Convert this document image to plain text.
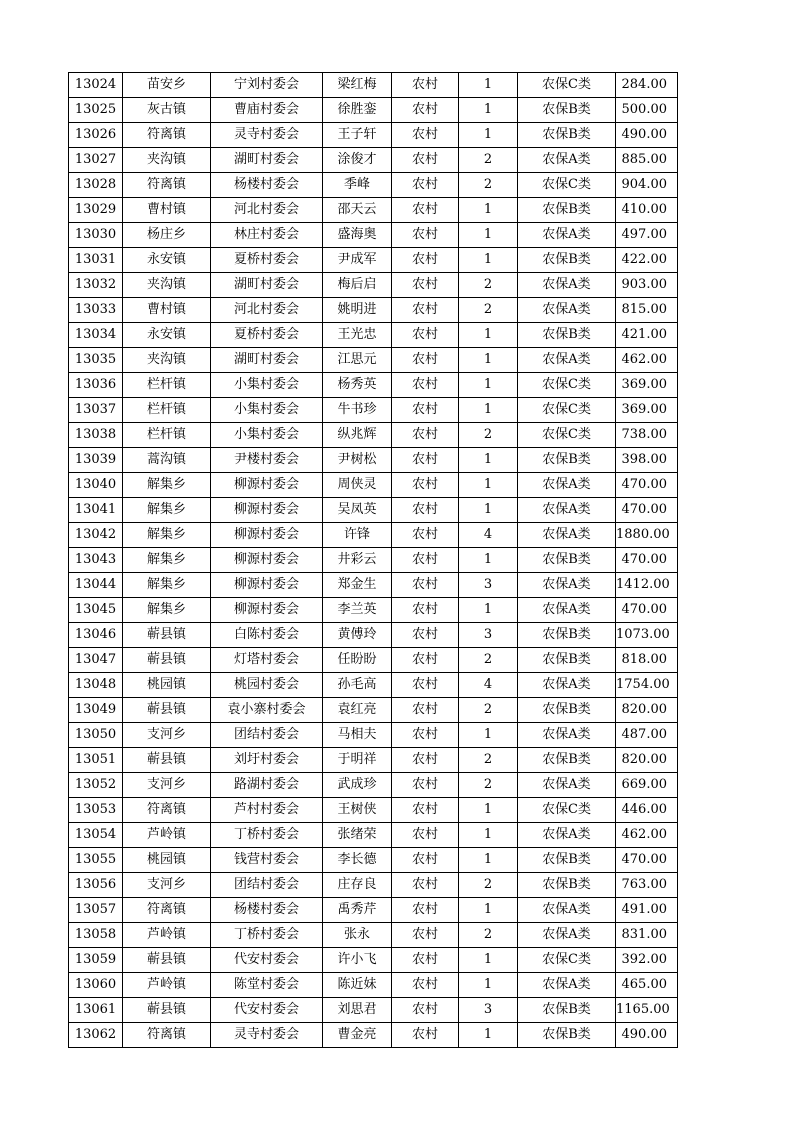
13024	苗安乡	宁刘村委会	梁红梅	农村	1	农保C类	284.00
13025	灰古镇	曹庙村委会	徐胜銮	农村	1	农保B类	500.00
13026	符离镇	灵寺村委会	王子轩	农村	1	农保B类	490.00
13027	夹沟镇	湖町村委会	涂俊才	农村	2	农保A类	885.00
13028	符离镇	杨楼村委会	季峰	农村	2	农保C类	904.00
13029	曹村镇	河北村委会	邵天云	农村	1	农保B类	410.00
13030	杨庄乡	林庄村委会	盛海奥	农村	1	农保A类	497.00
13031	永安镇	夏桥村委会	尹成军	农村	1	农保B类	422.00
13032	夹沟镇	湖町村委会	梅后启	农村	2	农保A类	903.00
13033	曹村镇	河北村委会	姚明进	农村	2	农保A类	815.00
13034	永安镇	夏桥村委会	王光忠	农村	1	农保B类	421.00
13035	夹沟镇	湖町村委会	江思元	农村	1	农保A类	462.00
13036	栏杆镇	小集村委会	杨秀英	农村	1	农保C类	369.00
13037	栏杆镇	小集村委会	牛书珍	农村	1	农保C类	369.00
13038	栏杆镇	小集村委会	纵兆辉	农村	2	农保C类	738.00
13039	蒿沟镇	尹楼村委会	尹树松	农村	1	农保B类	398.00
13040	解集乡	柳源村委会	周侠灵	农村	1	农保A类	470.00
13041	解集乡	柳源村委会	吴凤英	农村	1	农保A类	470.00
13042	解集乡	柳源村委会	许锋	农村	4	农保A类	1880.00
13043	解集乡	柳源村委会	井彩云	农村	1	农保B类	470.00
13044	解集乡	柳源村委会	郑金生	农村	3	农保A类	1412.00
13045	解集乡	柳源村委会	李兰英	农村	1	农保A类	470.00
13046	蕲县镇	白陈村委会	黄傅玲	农村	3	农保B类	1073.00
13047	蕲县镇	灯塔村委会	任盼盼	农村	2	农保B类	818.00
13048	桃园镇	桃园村委会	孙毛高	农村	4	农保A类	1754.00
13049	蕲县镇	袁小寨村委会	袁红亮	农村	2	农保B类	820.00
13050	支河乡	团结村委会	马相夫	农村	1	农保A类	487.00
13051	蕲县镇	刘圩村委会	于明祥	农村	2	农保B类	820.00
13052	支河乡	路湖村委会	武成珍	农村	2	农保A类	669.00
13053	符离镇	芦村村委会	王树侠	农村	1	农保C类	446.00
13054	芦岭镇	丁桥村委会	张绪荣	农村	1	农保A类	462.00
13055	桃园镇	钱营村委会	李长德	农村	1	农保B类	470.00
13056	支河乡	团结村委会	庄存良	农村	2	农保B类	763.00
13057	符离镇	杨楼村委会	禹秀芹	农村	1	农保A类	491.00
13058	芦岭镇	丁桥村委会	张永	农村	2	农保A类	831.00
13059	蕲县镇	代安村委会	许小飞	农村	1	农保C类	392.00
13060	芦岭镇	陈堂村委会	陈近妹	农村	1	农保A类	465.00
13061	蕲县镇	代安村委会	刘思君	农村	3	农保B类	1165.00
13062	符离镇	灵寺村委会	曹金亮	农村	1	农保B类	490.00
